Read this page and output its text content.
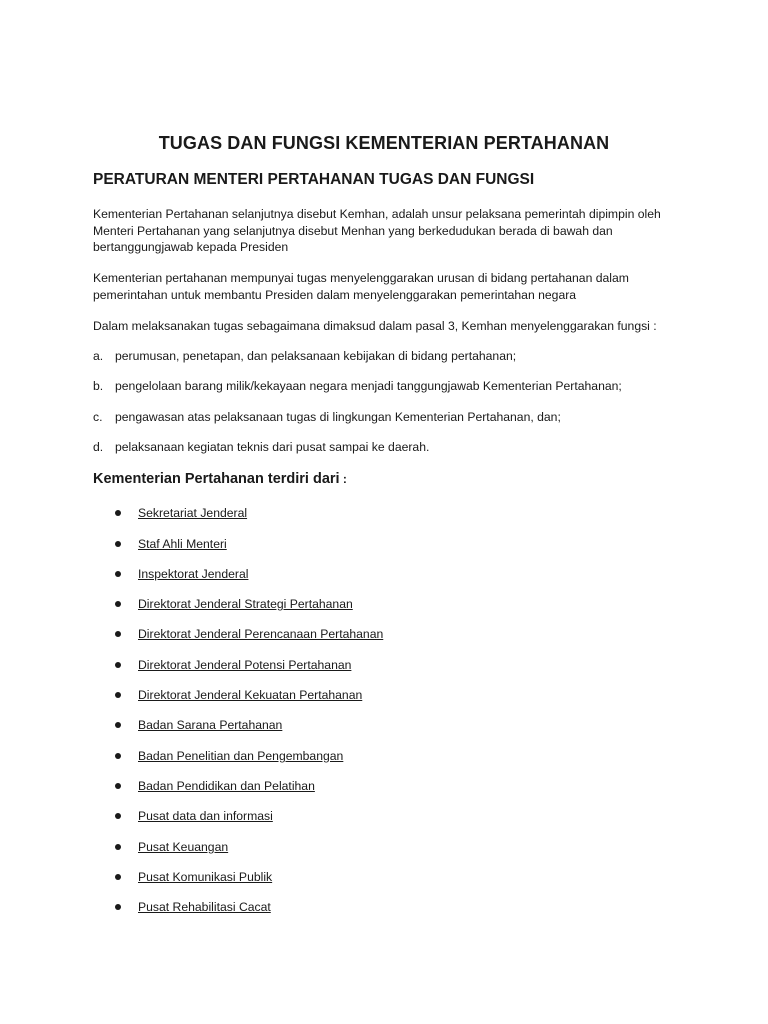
TUGAS DAN FUNGSI KEMENTERIAN PERTAHANAN
PERATURAN MENTERI PERTAHANAN TUGAS DAN FUNGSI

Kementerian Pertahanan selanjutnya disebut Kemhan, adalah unsur pelaksana pemerintah dipimpin oleh Menteri Pertahanan yang selanjutnya disebut Menhan yang berkedudukan berada di bawah dan bertanggungjawab kepada Presiden

Kementerian pertahanan mempunyai tugas menyelenggarakan urusan di bidang pertahanan dalam pemerintahan untuk membantu Presiden dalam menyelenggarakan pemerintahan negara

Dalam melaksanakan tugas sebagaimana dimaksud dalam pasal 3, Kemhan menyelenggarakan fungsi :

a. perumusan, penetapan, dan pelaksanaan kebijakan di bidang pertahanan;

b. pengelolaan barang milik/kekayaan negara menjadi tanggungjawab Kementerian Pertahanan;

c. pengawasan atas pelaksanaan tugas di lingkungan Kementerian Pertahanan, dan;

d. pelaksanaan kegiatan teknis dari pusat sampai ke daerah.

Kementerian Pertahanan terdiri dari :
Sekretariat Jenderal
Staf Ahli Menteri
Inspektorat Jenderal
Direktorat Jenderal Strategi Pertahanan
Direktorat Jenderal Perencanaan Pertahanan
Direktorat Jenderal Potensi Pertahanan
Direktorat Jenderal Kekuatan Pertahanan
Badan Sarana Pertahanan
Badan Penelitian dan Pengembangan
Badan Pendidikan dan Pelatihan
Pusat data dan informasi
Pusat Keuangan
Pusat Komunikasi Publik
Pusat Rehabilitasi Cacat
